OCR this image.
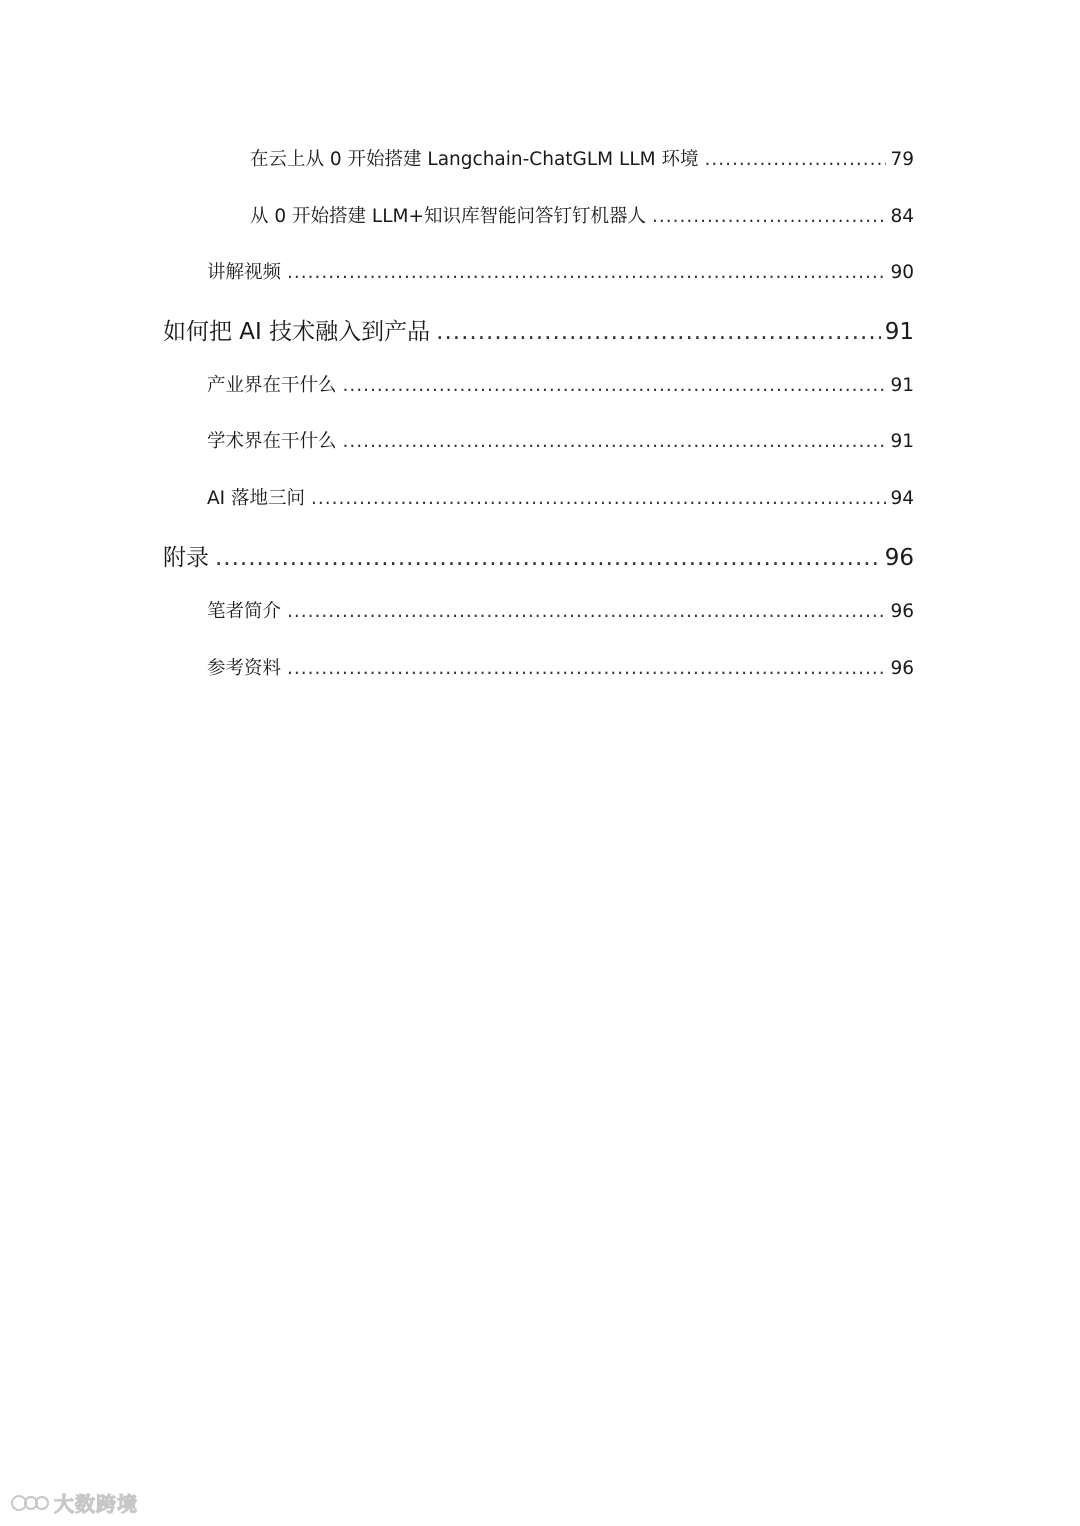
在云上从 0 开始搭建 Langchain-ChatGLM LLM 环境 .....	79
从 0 开始搭建 LLM+知识库智能问答钉钉机器人 .....	84
讲解视频 .....	90
如何把 AI 技术融入到产品 .....	91
产业界在干什么 .....	91
学术界在干什么 .....	91
AI 落地三问 .....	94
附录 .....	96
笔者简介 .....	96
参考资料 .....	96
大数跨境
